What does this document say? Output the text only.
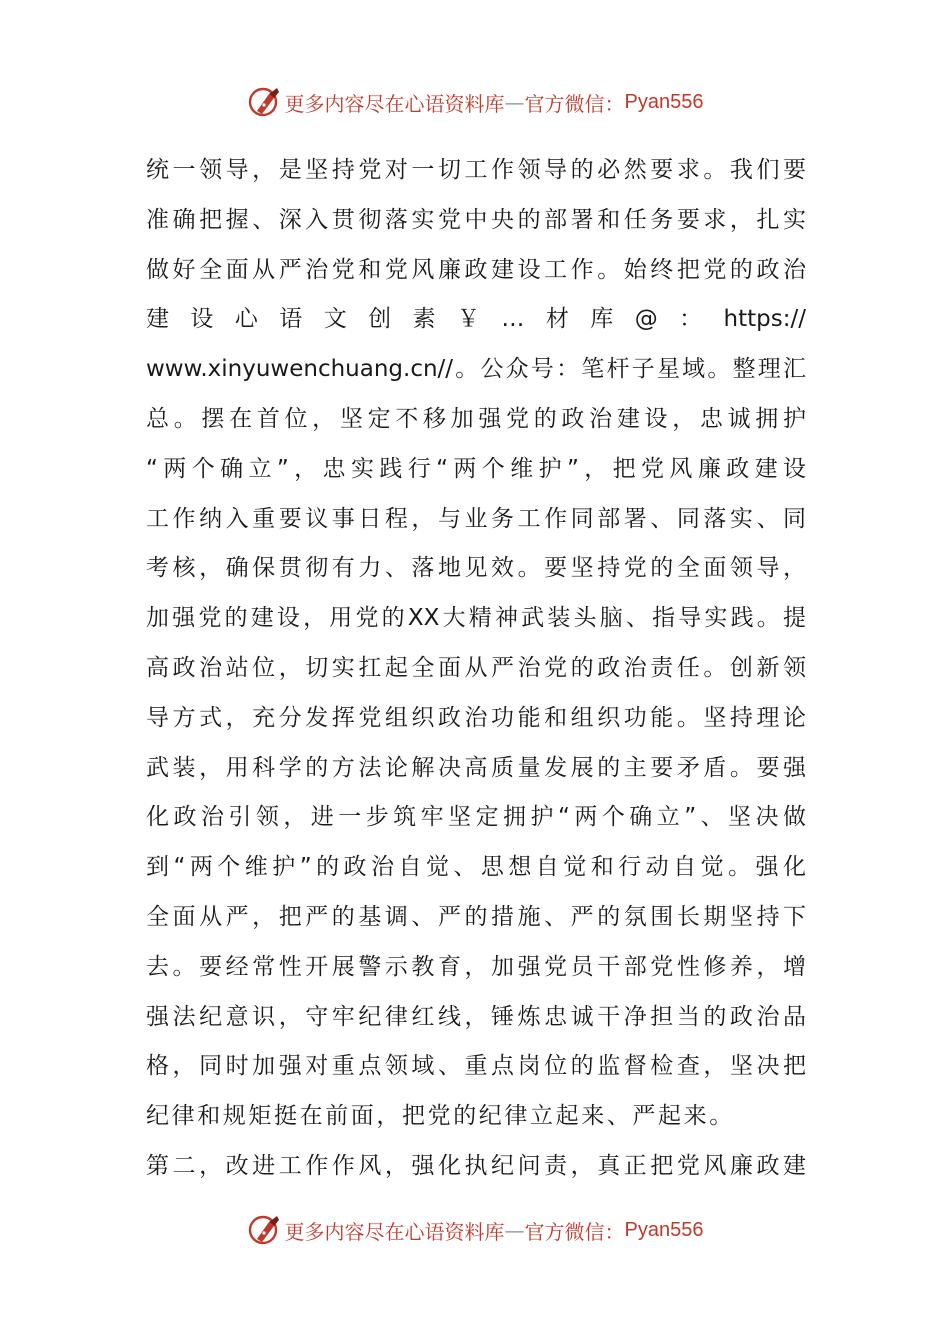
更多内容尽在心语资料库 — 官方微信： Pyan556
统一领导，是坚持党对一切工作领导的必然要求。我们要
准确把握、深入贯彻落实党中央的部署和任务要求，扎实
做好全面从严治党和党风廉政建设工作。始终把党的政治
建设心语文创素￥…材库@：https://
www.xinyuwenchuang.cn//。公众号：笔杆子星域。整理汇
总。摆在首位，坚定不移加强党的政治建设，忠诚拥护
“两个确立”，忠实践行“两个维护”，把党风廉政建设
工作纳入重要议事日程，与业务工作同部署、同落实、同
考核，确保贯彻有力、落地见效。要坚持党的全面领导，
加强党的建设，用党的XX大精神武装头脑、指导实践。提
高政治站位，切实扛起全面从严治党的政治责任。创新领
导方式，充分发挥党组织政治功能和组织功能。坚持理论
武装，用科学的方法论解决高质量发展的主要矛盾。要强
化政治引领，进一步筑牢坚定拥护“两个确立”、坚决做
到“两个维护”的政治自觉、思想自觉和行动自觉。强化
全面从严，把严的基调、严的措施、严的氛围长期坚持下
去。要经常性开展警示教育，加强党员干部党性修养，增
强法纪意识，守牢纪律红线，锤炼忠诚干净担当的政治品
格，同时加强对重点领域、重点岗位的监督检查，坚决把
纪律和规矩挺在前面，把党的纪律立起来、严起来。
第二，改进工作作风，强化执纪问责，真正把党风廉政建
更多内容尽在心语资料库 — 官方微信： Pyan556
